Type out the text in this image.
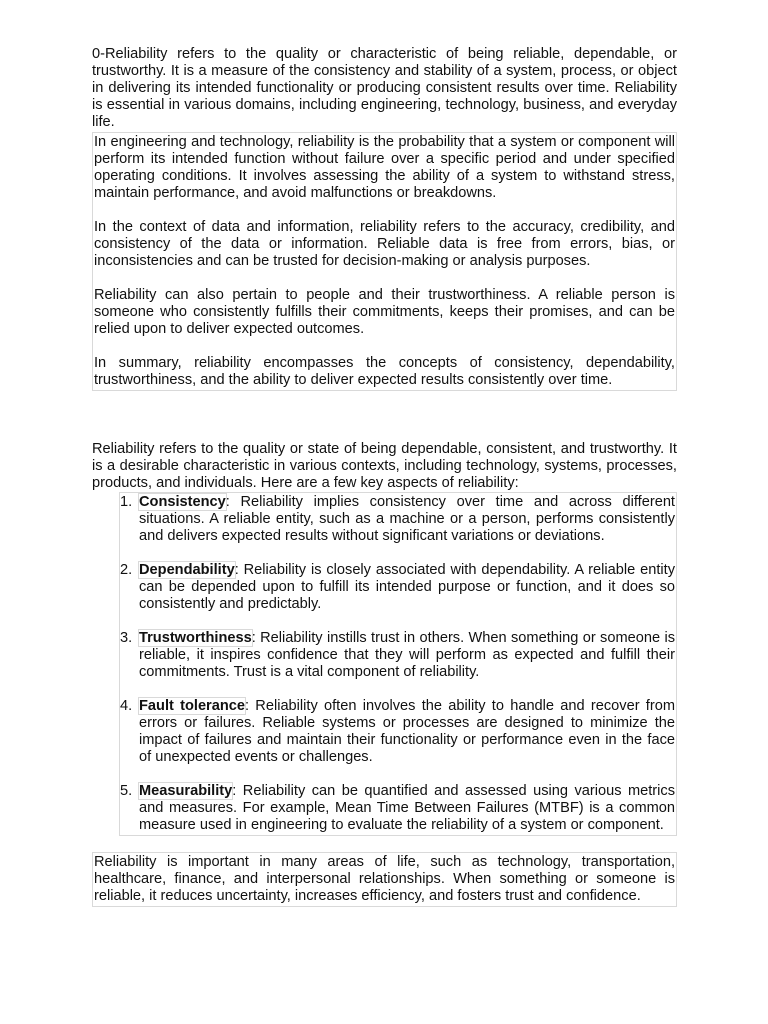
0-Reliability refers to the quality or characteristic of being reliable, dependable, or trustworthy. It is a measure of the consistency and stability of a system, process, or object in delivering its intended functionality or producing consistent results over time. Reliability is essential in various domains, including engineering, technology, business, and everyday life.

In engineering and technology, reliability is the probability that a system or component will perform its intended function without failure over a specific period and under specified operating conditions. It involves assessing the ability of a system to withstand stress, maintain performance, and avoid malfunctions or breakdowns.

In the context of data and information, reliability refers to the accuracy, credibility, and consistency of the data or information. Reliable data is free from errors, bias, or inconsistencies and can be trusted for decision-making or analysis purposes.

Reliability can also pertain to people and their trustworthiness. A reliable person is someone who consistently fulfills their commitments, keeps their promises, and can be relied upon to deliver expected outcomes.

In summary, reliability encompasses the concepts of consistency, dependability, trustworthiness, and the ability to deliver expected results consistently over time.

Reliability refers to the quality or state of being dependable, consistent, and trustworthy. It is a desirable characteristic in various contexts, including technology, systems, processes, products, and individuals. Here are a few key aspects of reliability:

1. Consistency: Reliability implies consistency over time and across different situations. A reliable entity, such as a machine or a person, performs consistently and delivers expected results without significant variations or deviations.
2. Dependability: Reliability is closely associated with dependability. A reliable entity can be depended upon to fulfill its intended purpose or function, and it does so consistently and predictably.
3. Trustworthiness: Reliability instills trust in others. When something or someone is reliable, it inspires confidence that they will perform as expected and fulfill their commitments. Trust is a vital component of reliability.
4. Fault tolerance: Reliability often involves the ability to handle and recover from errors or failures. Reliable systems or processes are designed to minimize the impact of failures and maintain their functionality or performance even in the face of unexpected events or challenges.
5. Measurability: Reliability can be quantified and assessed using various metrics and measures. For example, Mean Time Between Failures (MTBF) is a common measure used in engineering to evaluate the reliability of a system or component.

Reliability is important in many areas of life, such as technology, transportation, healthcare, finance, and interpersonal relationships. When something or someone is reliable, it reduces uncertainty, increases efficiency, and fosters trust and confidence.
